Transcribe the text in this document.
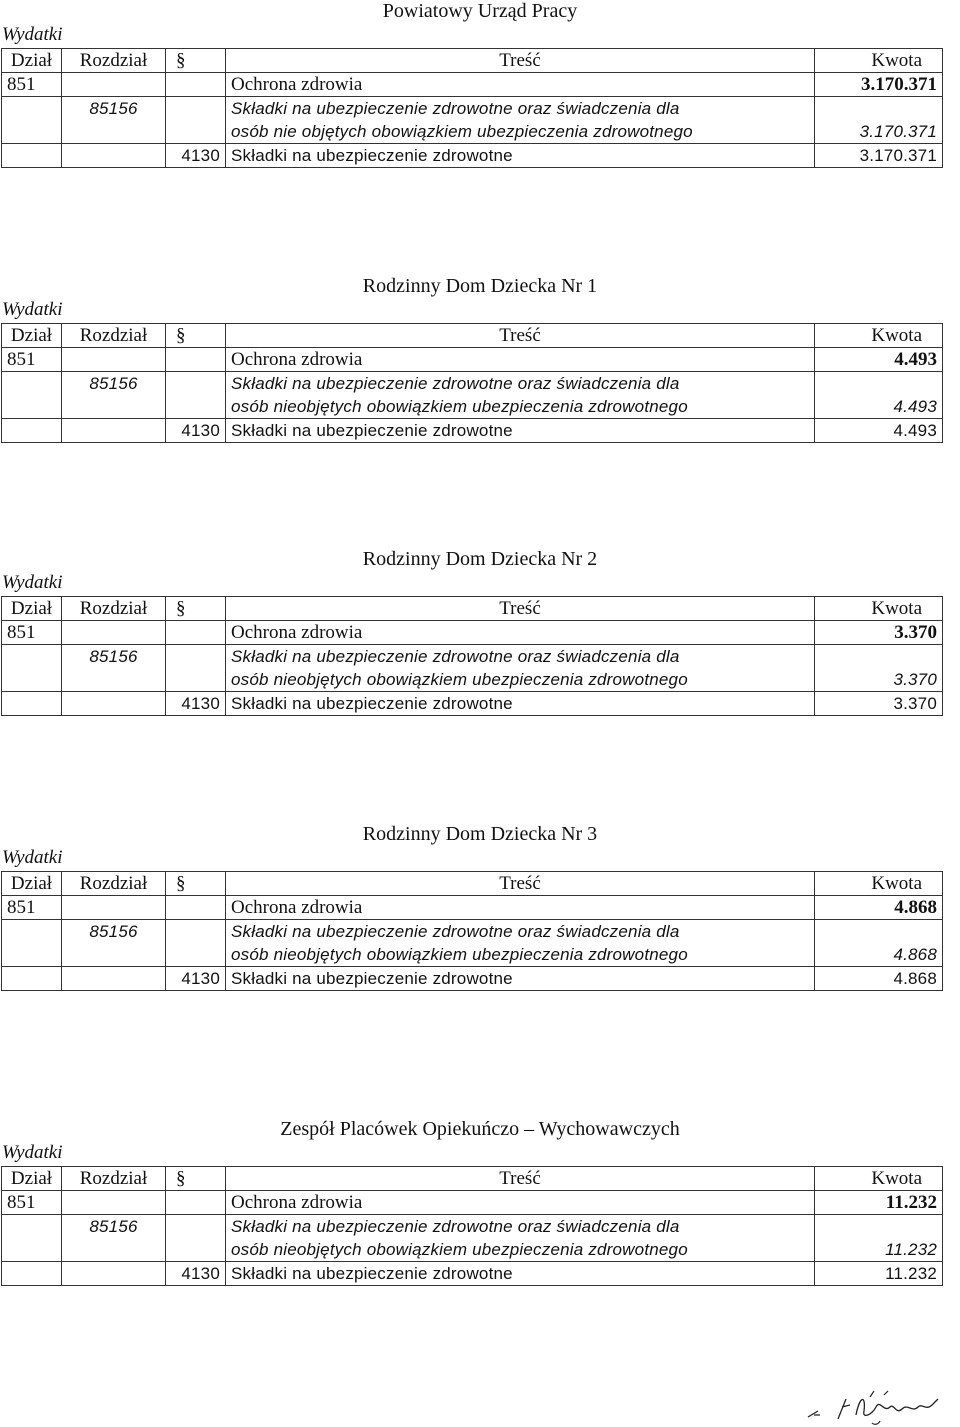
Powiatowy Urząd Pracy
Wydatki
Dział	Rozdział	§	Treść	Kwota
851			Ochrona zdrowia	3.170.371
	85156		Składki na ubezpieczenie zdrowotne oraz świadczenia dla
osób nie objętych obowiązkiem ubezpieczenia zdrowotnego	3.170.371
		4130	Składki na ubezpieczenie zdrowotne	3.170.371
Rodzinny Dom Dziecka Nr 1
Wydatki
Dział	Rozdział	§	Treść	Kwota
851			Ochrona zdrowia	4.493
	85156		Składki na ubezpieczenie zdrowotne oraz świadczenia dla
osób nieobjętych obowiązkiem ubezpieczenia zdrowotnego	4.493
		4130	Składki na ubezpieczenie zdrowotne	4.493
Rodzinny Dom Dziecka Nr 2
Wydatki
Dział	Rozdział	§	Treść	Kwota
851			Ochrona zdrowia	3.370
	85156		Składki na ubezpieczenie zdrowotne oraz świadczenia dla
osób nieobjętych obowiązkiem ubezpieczenia zdrowotnego	3.370
		4130	Składki na ubezpieczenie zdrowotne	3.370
Rodzinny Dom Dziecka Nr 3
Wydatki
Dział	Rozdział	§	Treść	Kwota
851			Ochrona zdrowia	4.868
	85156		Składki na ubezpieczenie zdrowotne oraz świadczenia dla
osób nieobjętych obowiązkiem ubezpieczenia zdrowotnego	4.868
		4130	Składki na ubezpieczenie zdrowotne	4.868
Zespół Placówek Opiekuńczo – Wychowawczych
Wydatki
Dział	Rozdział	§	Treść	Kwota
851			Ochrona zdrowia	11.232
	85156		Składki na ubezpieczenie zdrowotne oraz świadczenia dla
osób nieobjętych obowiązkiem ubezpieczenia zdrowotnego	11.232
		4130	Składki na ubezpieczenie zdrowotne	11.232
